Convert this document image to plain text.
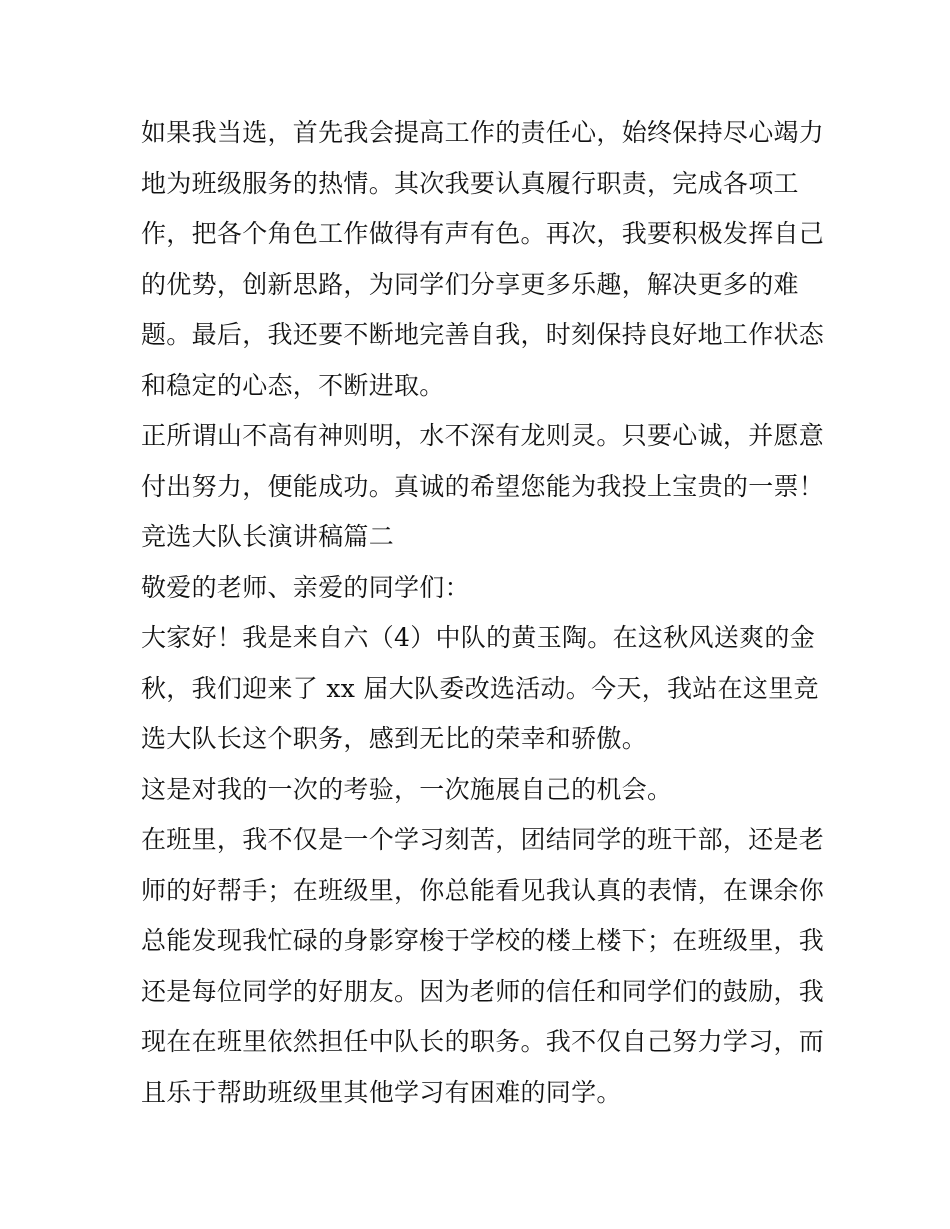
如果我当选，首先我会提高工作的责任心，始终保持尽心竭力
地为班级服务的热情。其次我要认真履行职责，完成各项工
作，把各个角色工作做得有声有色。再次，我要积极发挥自己
的优势，创新思路，为同学们分享更多乐趣，解决更多的难
题。最后，我还要不断地完善自我，时刻保持良好地工作状态
和稳定的心态，不断进取。
正所谓山不高有神则明，水不深有龙则灵。只要心诚，并愿意
付出努力，便能成功。真诚的希望您能为我投上宝贵的一票！
竞选大队长演讲稿篇二
敬爱的老师、亲爱的同学们：
大家好！我是来自六（4）中队的黄玉陶。在这秋风送爽的金
秋，我们迎来了 xx 届大队委改选活动。今天，我站在这里竞
选大队长这个职务，感到无比的荣幸和骄傲。
这是对我的一次的考验，一次施展自己的机会。
在班里，我不仅是一个学习刻苦，团结同学的班干部，还是老
师的好帮手；在班级里，你总能看见我认真的表情，在课余你
总能发现我忙碌的身影穿梭于学校的楼上楼下；在班级里，我
还是每位同学的好朋友。因为老师的信任和同学们的鼓励，我
现在在班里依然担任中队长的职务。我不仅自己努力学习，而
且乐于帮助班级里其他学习有困难的同学。
